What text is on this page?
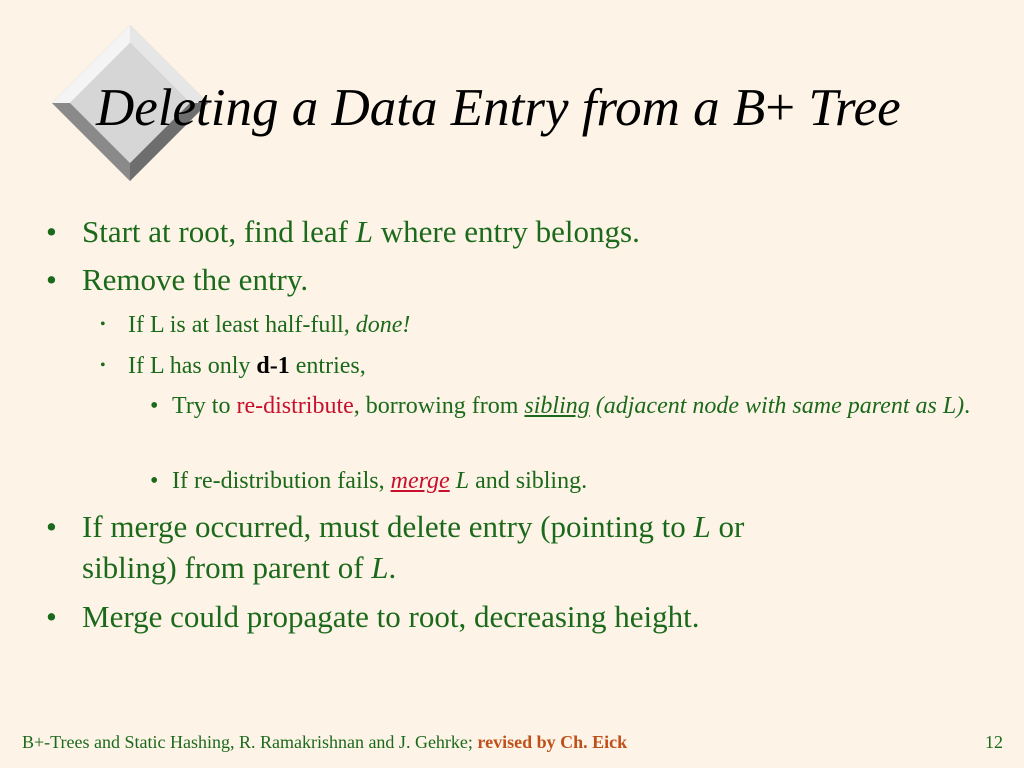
Deleting a Data Entry from a B+ Tree
• Start at root, find leaf L where entry belongs.
• Remove the entry.
• If L is at least half-full, done!
• If L has only d-1 entries,
• Try to re-distribute, borrowing from sibling (adjacent node with same parent as L).
• If re-distribution fails, merge L and sibling.
• If merge occurred, must delete entry (pointing to L or
sibling) from parent of L.
• Merge could propagate to root, decreasing height.
B+-Trees and Static Hashing, R. Ramakrishnan and J. Gehrke; revised by Ch. Eick	12
